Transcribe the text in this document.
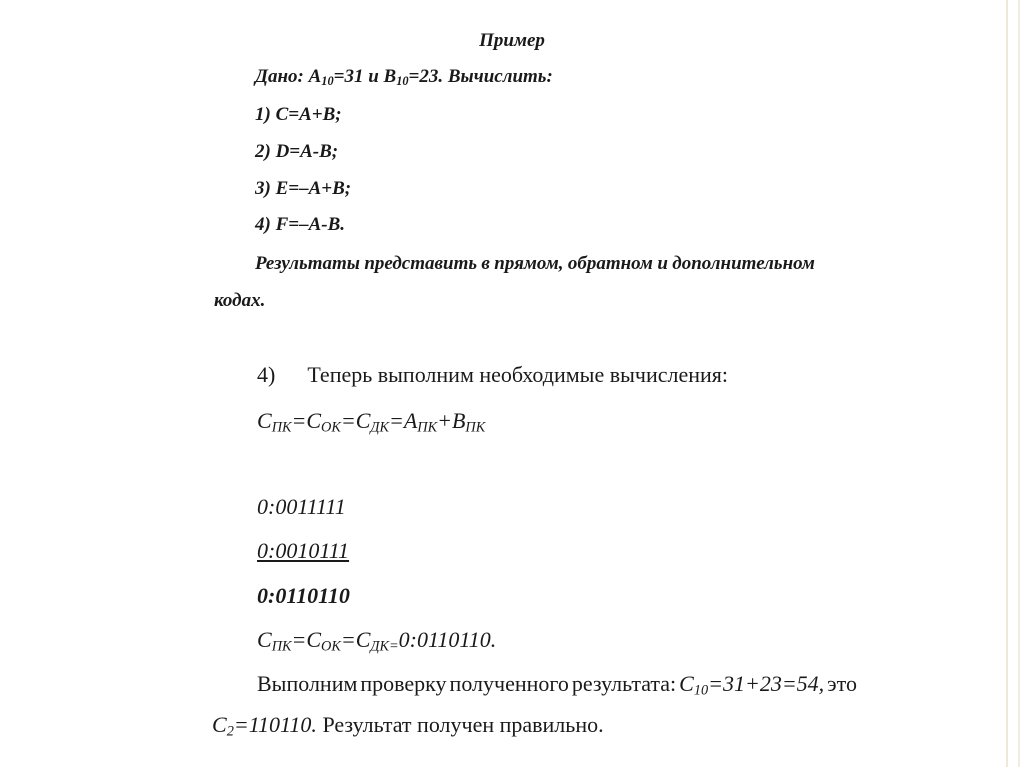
Пример
Дано: $A_{10}=31$ и $B_{10}=23$. Вычислить:
1) C=A+B;
2) D=A-B;
3) E=–A+B;
4) F=–A-B.
Результаты представить в прямом, обратном и дополнительном
кодах.
4) Теперь выполним необходимые вычисления:
$C_{ПК}=C_{ОК}=C_{ДК}=A_{ПК}+B_{ПК}$
0:0011111
0:0010111
0:0110110
$C_{ПК}=C_{ОК}=C_{ДК=}0:0110110$.
Выполним проверку полученного результата: $C_{10}=31+23=54$, это
$C_2=110110$. Результат получен правильно.
